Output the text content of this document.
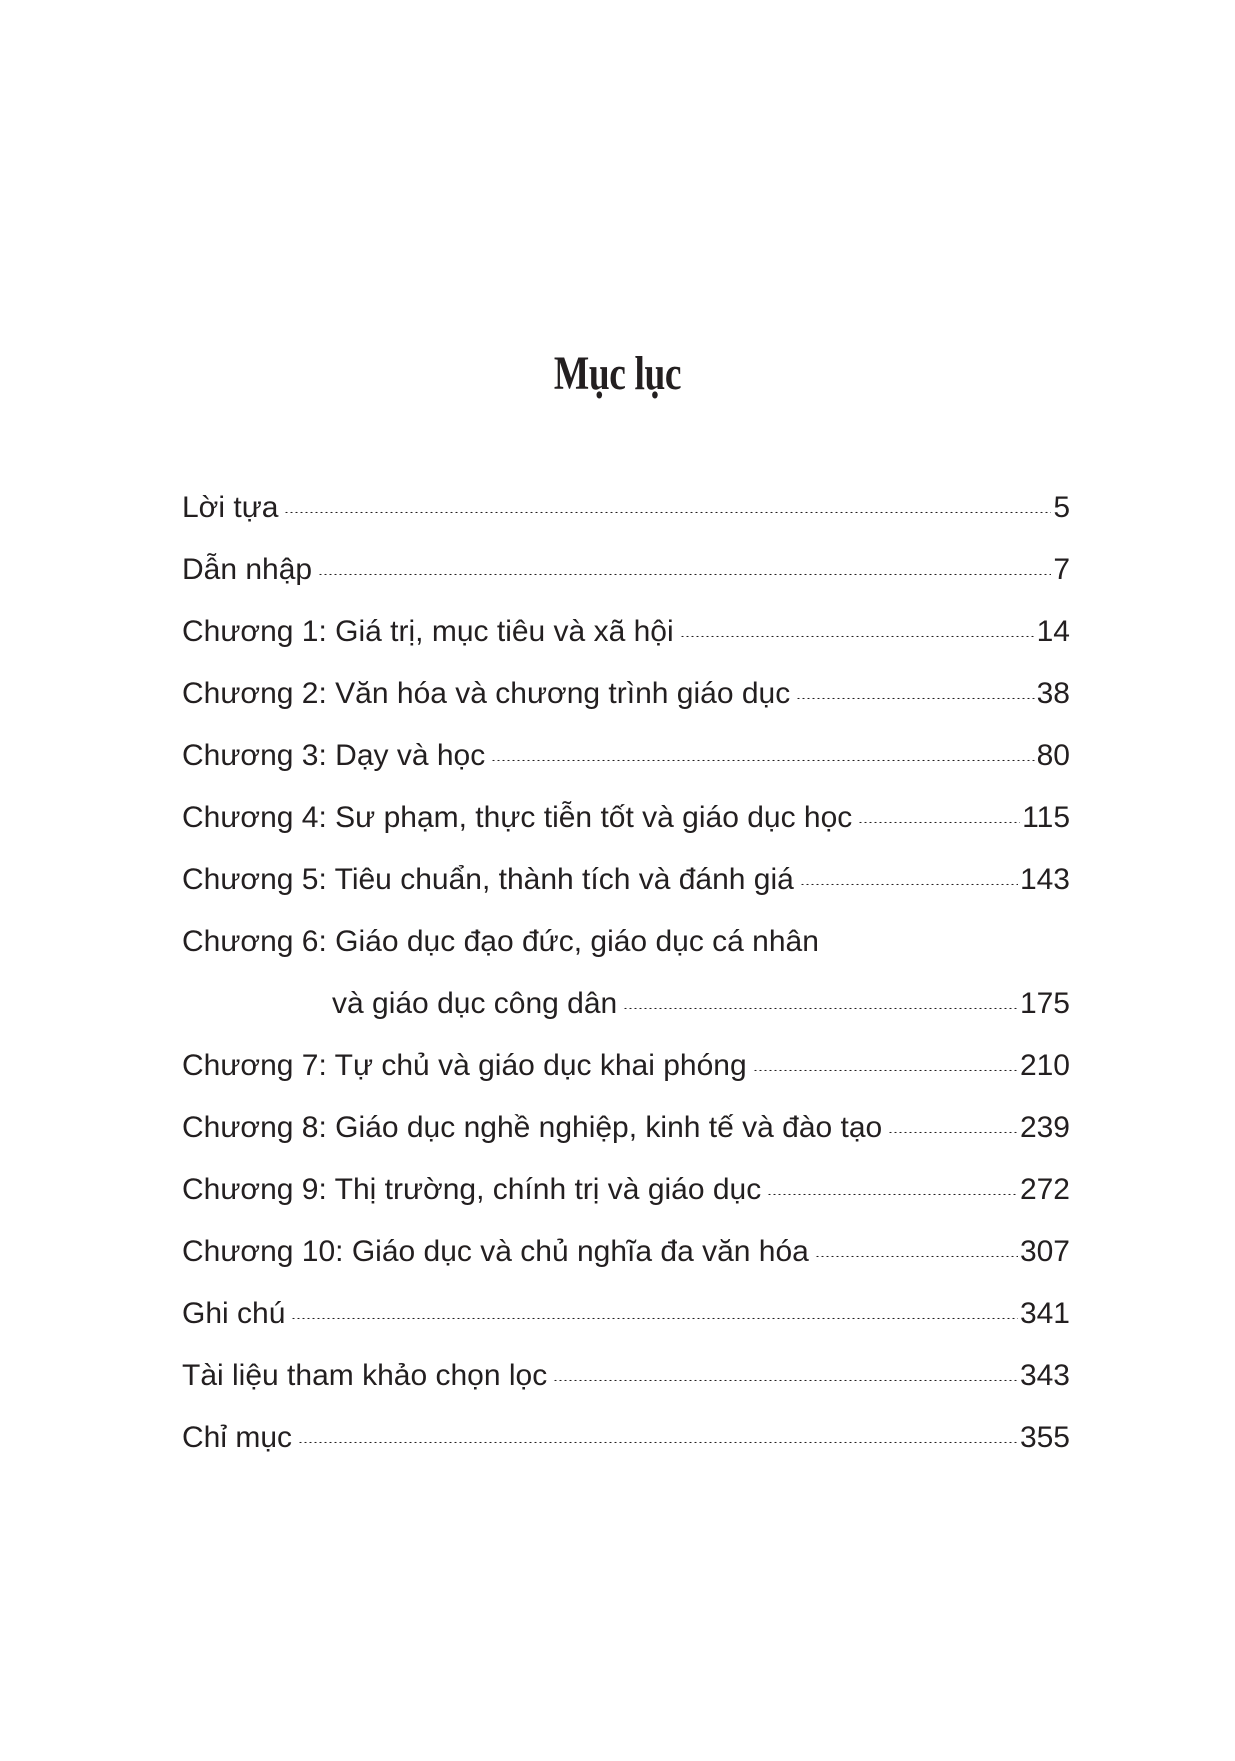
Mục lục
Lời tựa	5
Dẫn nhập	7
Chương 1: Giá trị, mục tiêu và xã hội	14
Chương 2: Văn hóa và chương trình giáo dục	38
Chương 3: Dạy và học	80
Chương 4: Sư phạm, thực tiễn tốt và giáo dục học	115
Chương 5: Tiêu chuẩn, thành tích và đánh giá	143
Chương 6: Giáo dục đạo đức, giáo dục cá nhân
và giáo dục công dân	175
Chương 7: Tự chủ và giáo dục khai phóng	210
Chương 8: Giáo dục nghề nghiệp, kinh tế và đào tạo	239
Chương 9: Thị trường, chính trị và giáo dục	272
Chương 10: Giáo dục và chủ nghĩa đa văn hóa	307
Ghi chú	341
Tài liệu tham khảo chọn lọc	343
Chỉ mục	355
